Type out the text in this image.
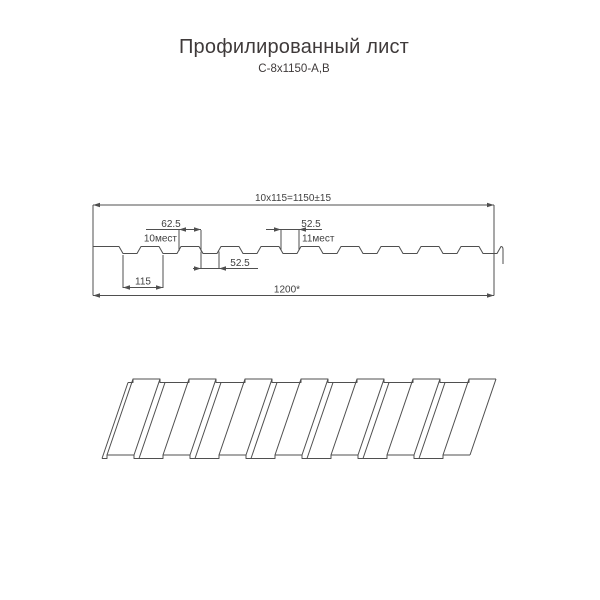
Профилированный лист
С-8х1150-А,В
10x115=1150±15
62.5
10мест
52.5
11мест
52.5
115
1200*
